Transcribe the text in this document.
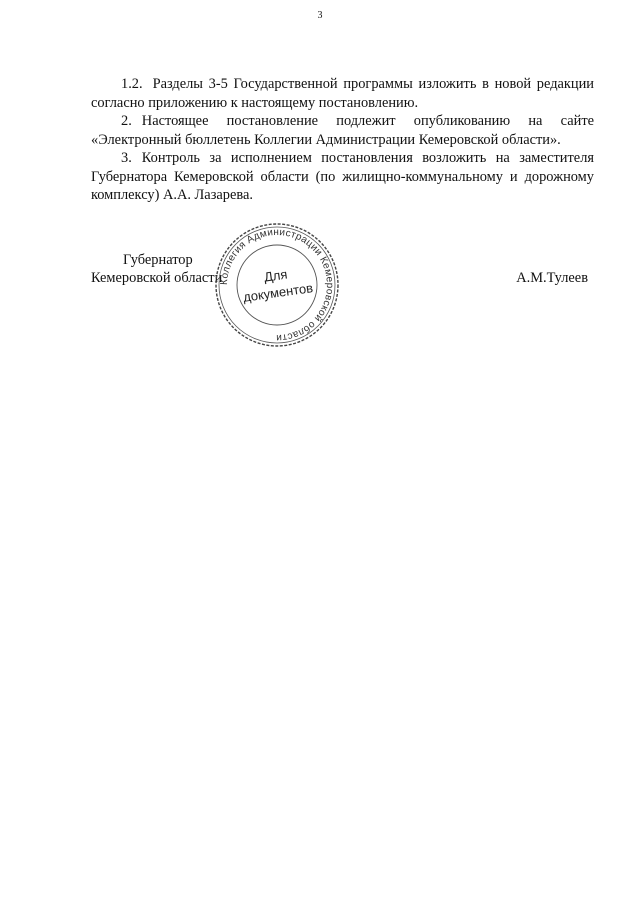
3

1.2. Разделы 3-5 Государственной программы изложить в новой редакции согласно приложению к настоящему постановлению.

2. Настоящее постановление подлежит опубликованию на сайте «Электронный бюллетень Коллегии Администрации Кемеровской области».

3. Контроль за исполнением постановления возложить на заместителя Губернатора Кемеровской области (по жилищно-коммунальному и дорожному комплексу) А.А. Лазарева.

Губернатор
Кемеровской области	А.М.Тулеев
Коллегия Администрации Кемеровской области
Для
документов
